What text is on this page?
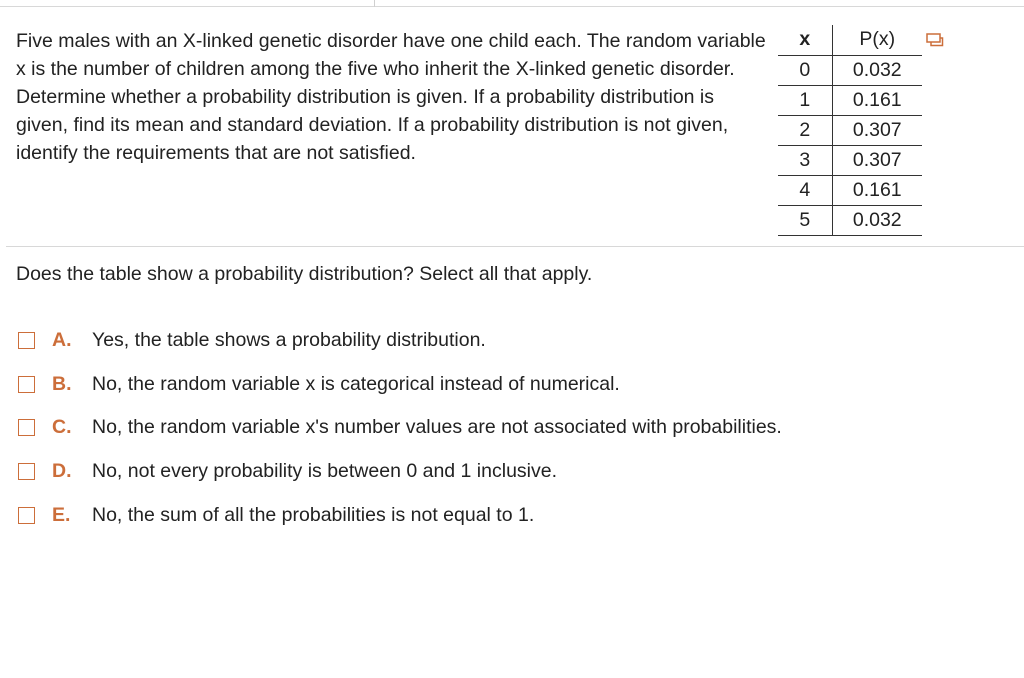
Five males with an X-linked genetic disorder have one child each. The random variable x is the number of children among the five who inherit the X-linked genetic disorder. Determine whether a probability distribution is given. If a probability distribution is given, find its mean and standard deviation. If a probability distribution is not given, identify the requirements that are not satisfied.

x	P(x)
0	0.032
1	0.161
2	0.307
3	0.307
4	0.161
5	0.032

Does the table show a probability distribution? Select all that apply.

A.	Yes, the table shows a probability distribution.
B.	No, the random variable x is categorical instead of numerical.
C.	No, the random variable x's number values are not associated with probabilities.
D.	No, not every probability is between 0 and 1 inclusive.
E.	No, the sum of all the probabilities is not equal to 1.
